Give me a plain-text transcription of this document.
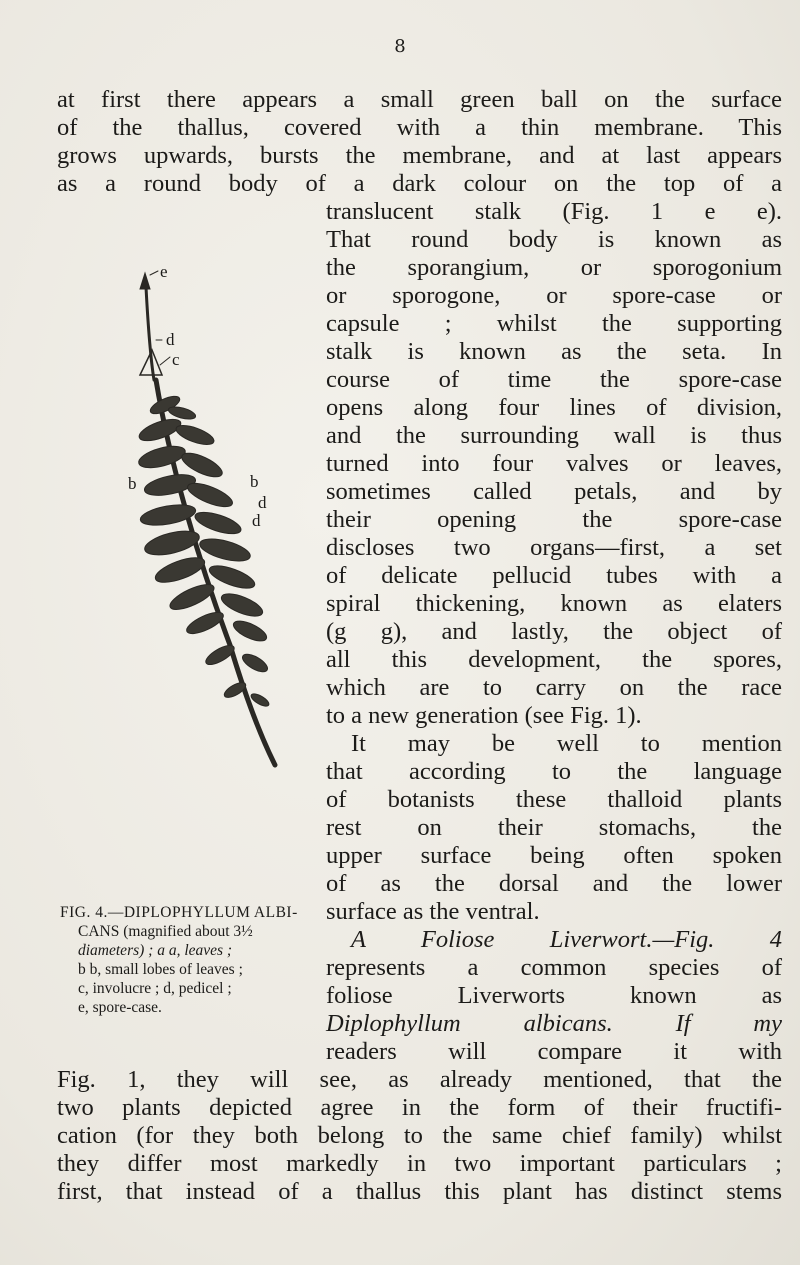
8
at first there appears a small green ball on the surface
of the thallus, covered with a thin membrane. This
grows upwards, bursts the membrane, and at last appears
as a round body of a dark colour on the top of a
translucent stalk (Fig. 1 e e).
That round body is known as
the sporangium, or sporogonium
or sporogone, or spore-case or
capsule ; whilst the supporting
stalk is known as the seta. In
course of time the spore-case
opens along four lines of division,
and the surrounding wall is thus
turned into four valves or leaves,
sometimes called petals, and by
their opening the spore-case
discloses two organs—first, a set
of delicate pellucid tubes with a
spiral thickening, known as elaters
(g g), and lastly, the object of
all this development, the spores,
which are to carry on the race
to a new generation (see Fig. 1).
It may be well to mention
that according to the language
of botanists these thalloid plants
rest on their stomachs, the
upper surface being often spoken
of as the dorsal and the lower
surface as the ventral.
A Foliose Liverwort.—Fig. 4
represents a common species of
foliose Liverworts known as
Diplophyllum albicans. If my
readers will compare it with
Fig. 1, they will see, as already mentioned, that the
two plants depicted agree in the form of their fructifi-
cation (for they both belong to the same chief family) whilst
they differ most markedly in two important particulars ;
first, that instead of a thallus this plant has distinct stems
FIG. 4.—DIPLOPHYLLUM ALBI-
CANS (magnified about 3½
diameters) ; a a, leaves ;
b b, small lobes of leaves ;
c, involucre ; d, pedicel ;
e, spore-case.
e
d
c
b
b
d
d
